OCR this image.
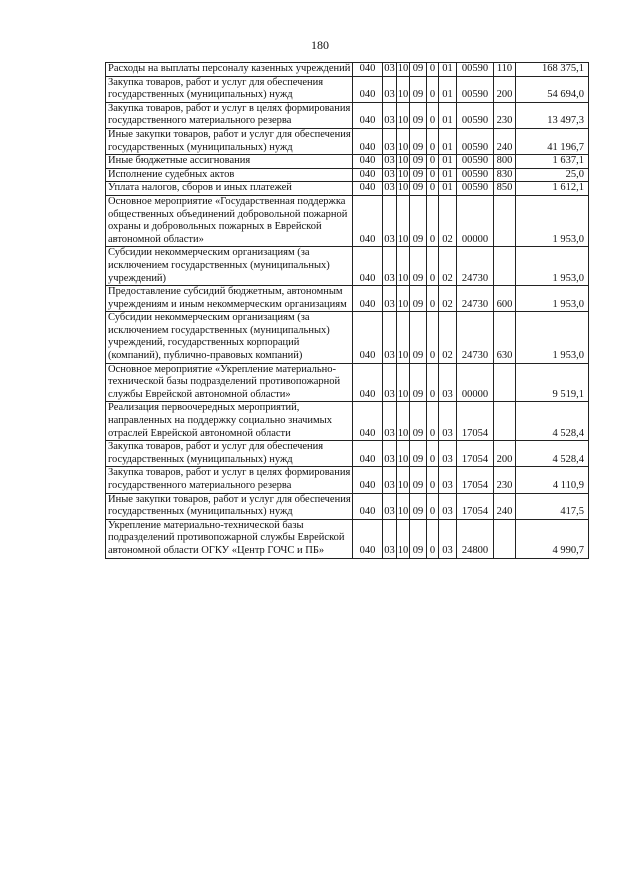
180
Расходы на выплаты персоналу казенных учреждений	040	03	10	09	0	01	00590	110	168 375,1
Закупка товаров, работ и услуг для обеспечения государственных (муниципальных) нужд	040	03	10	09	0	01	00590	200	54 694,0
Закупка товаров, работ и услуг в целях формирования государственного материального резерва	040	03	10	09	0	01	00590	230	13 497,3
Иные закупки товаров, работ и услуг для обеспечения государственных (муниципальных) нужд	040	03	10	09	0	01	00590	240	41 196,7
Иные бюджетные ассигнования	040	03	10	09	0	01	00590	800	1 637,1
Исполнение судебных актов	040	03	10	09	0	01	00590	830	25,0
Уплата налогов, сборов и иных платежей	040	03	10	09	0	01	00590	850	1 612,1
Основное мероприятие «Государственная поддержка общественных объединений добровольной пожарной охраны и добровольных пожарных в Еврейской автономной области»	040	03	10	09	0	02	00000		1 953,0
Субсидии некоммерческим организациям (за исключением государственных (муниципальных) учреждений)	040	03	10	09	0	02	24730		1 953,0
Предоставление субсидий бюджетным, автономным учреждениям и иным некоммерческим организациям	040	03	10	09	0	02	24730	600	1 953,0
Субсидии некоммерческим организациям (за исключением государственных (муниципальных) учреждений, государственных корпораций (компаний), публично-правовых компаний)	040	03	10	09	0	02	24730	630	1 953,0
Основное мероприятие «Укрепление материально-технической базы подразделений противопожарной службы Еврейской автономной области»	040	03	10	09	0	03	00000		9 519,1
Реализация первоочередных мероприятий, направленных на поддержку социально значимых отраслей Еврейской автономной области	040	03	10	09	0	03	17054		4 528,4
Закупка товаров, работ и услуг для обеспечения государственных (муниципальных) нужд	040	03	10	09	0	03	17054	200	4 528,4
Закупка товаров, работ и услуг в целях формирования государственного материального резерва	040	03	10	09	0	03	17054	230	4 110,9
Иные закупки товаров, работ и услуг для обеспечения государственных (муниципальных) нужд	040	03	10	09	0	03	17054	240	417,5
Укрепление материально-технической базы подразделений противопожарной службы Еврейской автономной области ОГКУ «Центр ГОЧС и ПБ»	040	03	10	09	0	03	24800		4 990,7
